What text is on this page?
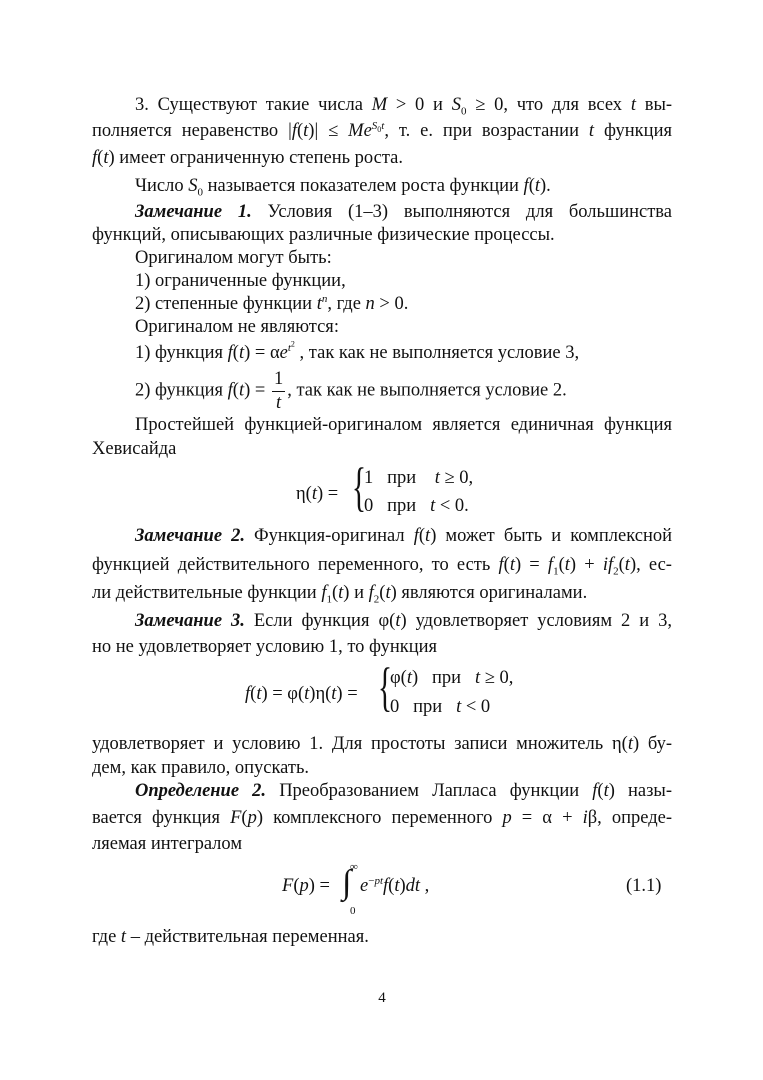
3. Существуют такие числа M > 0 и $S_0 \ge 0$, что для всех t вы-
полняется неравенство $|f(t)| \le Me^{S_0t}$, т. е. при возрастании t функция
f(t) имеет ограниченную степень роста.
Число $S_0$ называется показателем роста функции f(t).
Замечание 1. Условия (1–3) выполняются для большинства
функций, описывающих различные физические процессы.
Оригиналом могут быть:
1) ограниченные функции,
2) степенные функции $t^n$, где n > 0.
Оригиналом не являются:
1) функция $f(t) = \alpha e^{t^2}$ , так как не выполняется условие 3,
2) функция $f(t) = \frac{1}{t}$ , так как не выполняется условие 2.
Простейшей функцией-оригиналом является единичная функция
Хевисайда
η(t) = {
1   при t ≥ 0,
0   при t < 0.
Замечание 2. Функция-оригинал f(t) может быть и комплексной
функцией действительного переменного, то есть $f(t) = f_1(t) + if_2(t)$, ес-
ли действительные функции $f_1(t)$ и $f_2(t)$ являются оригиналами.
Замечание 3. Если функция φ(t) удовлетворяет условиям 2 и 3,
но не удовлетворяет условию 1, то функция
f(t) = φ(t)η(t) = {
φ(t)   при t ≥ 0,
0   при t < 0
удовлетворяет и условию 1. Для простоты записи множитель η(t) бу-
дем, как правило, опускать.
Определение 2. Преобразованием Лапласа функции f(t) назы-
вается функция F(p) комплексного переменного p = α + iβ, опреде-
ляемая интегралом
F(p) = ∫
∞
0
$e^{-pt}f(t)dt$ ,	(1.1)
где t – действительная переменная.
4
